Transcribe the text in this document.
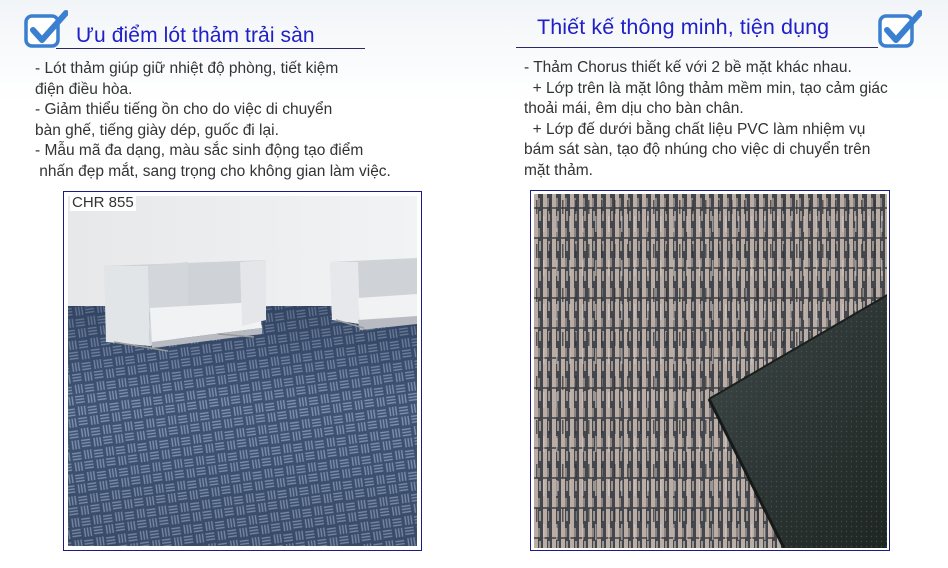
Ưu điểm lót thảm trải sàn
- Lót thảm giúp giữ nhiệt độ phòng, tiết kiệm
điện điều hòa.
- Giảm thiểu tiếng ồn cho do việc di chuyển
bàn ghế, tiếng giày dép, guốc đi lại.
- Mẫu mã đa dạng, màu sắc sinh động tạo điểm
nhấn đẹp mắt, sang trọng cho không gian làm việc.
CHR 855
Thiết kế thông minh, tiện dụng
- Thảm Chorus thiết kế với 2 bề mặt khác nhau.
+ Lớp trên là mặt lông thảm mềm min, tạo cảm giác
thoải mái, êm dịu cho bàn chân.
+ Lớp đế dưới bằng chất liệu PVC làm nhiệm vụ
bám sát sàn, tạo độ nhúng cho việc di chuyển trên
mặt thảm.
